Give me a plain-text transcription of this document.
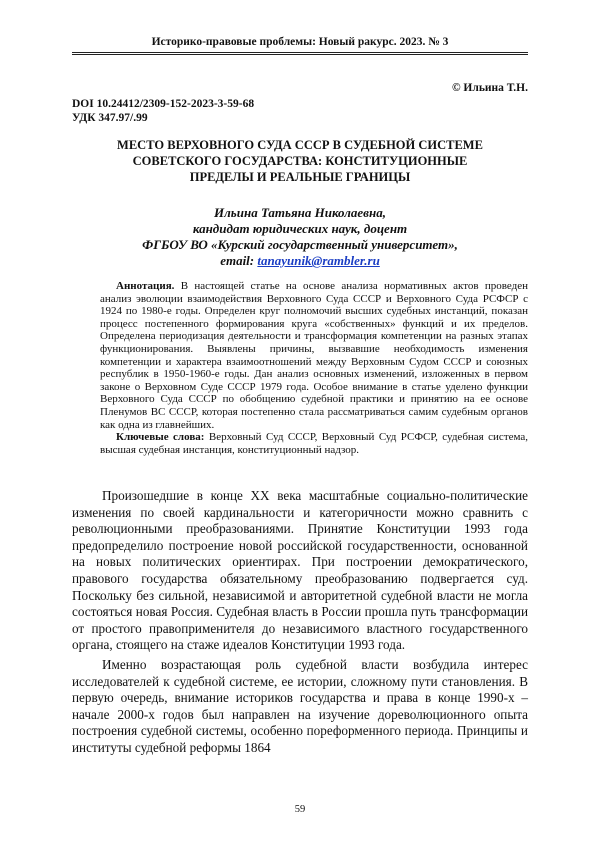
Историко-правовые проблемы: Новый ракурс. 2023. № 3
© Ильина Т.Н.
DOI 10.24412/2309-152-2023-3-59-68
УДК 347.97/.99
МЕСТО ВЕРХОВНОГО СУДА СССР В СУДЕБНОЙ СИСТЕМЕ
СОВЕТСКОГО ГОСУДАРСТВА: КОНСТИТУЦИОННЫЕ
ПРЕДЕЛЫ И РЕАЛЬНЫЕ ГРАНИЦЫ
Ильина Татьяна Николаевна,
кандидат юридических наук, доцент
ФГБОУ ВО «Курский государственный университет»,
email: tanayunik@rambler.ru

Аннотация. В настоящей статье на основе анализа нормативных актов проведен анализ эволюции взаимодействия Верховного Суда СССР и Верховного Суда РСФСР с 1924 по 1980-е годы. Определен круг полномочий высших судебных инстанций, показан процесс постепенного формирования круга «собственных» функций и их пределов. Определена периодизация деятельности и трансформация компетенции на разных этапах функционирования. Выявлены причины, вызвавшие необходимость изменения компетенции и характера взаимоотношений между Верховным Судом СССР и союзных республик в 1950-1960-е годы. Дан анализ основных изменений, изложенных в первом законе о Верховном Суде СССР 1979 года. Особое внимание в статье уделено функции Верховного Суда СССР по обобщению судебной практики и принятию на ее основе Пленумов ВС СССР, которая постепенно стала рассматриваться самим судебным органов как одна из главнейших.

Ключевые слова: Верховный Суд СССР, Верховный Суд РСФСР, судебная система, высшая судебная инстанция, конституционный надзор.

Произошедшие в конце XX века масштабные социально-политические изменения по своей кардинальности и категоричности можно сравнить с революционными преобразованиями. Принятие Конституции 1993 года предопределило построение новой российской государственности, основанной на новых политических ориентирах. При построении демократического, правового государства обязательному преобразованию подвергается суд. Поскольку без сильной, независимой и авторитетной судебной власти не могла состояться новая Россия. Судебная власть в России прошла путь трансформации от простого правоприменителя до независимого властного государственного органа, стоящего на стаже идеалов Конституции 1993 года.

Именно возрастающая роль судебной власти возбудила интерес исследователей к судебной системе, ее истории, сложному пути становления. В первую очередь, внимание историков государства и права в конце 1990-х – начале 2000-х годов был направлен на изучение дореволюционного опыта построения судебной системы, особенно пореформенного периода. Принципы и институты судебной реформы 1864

59
